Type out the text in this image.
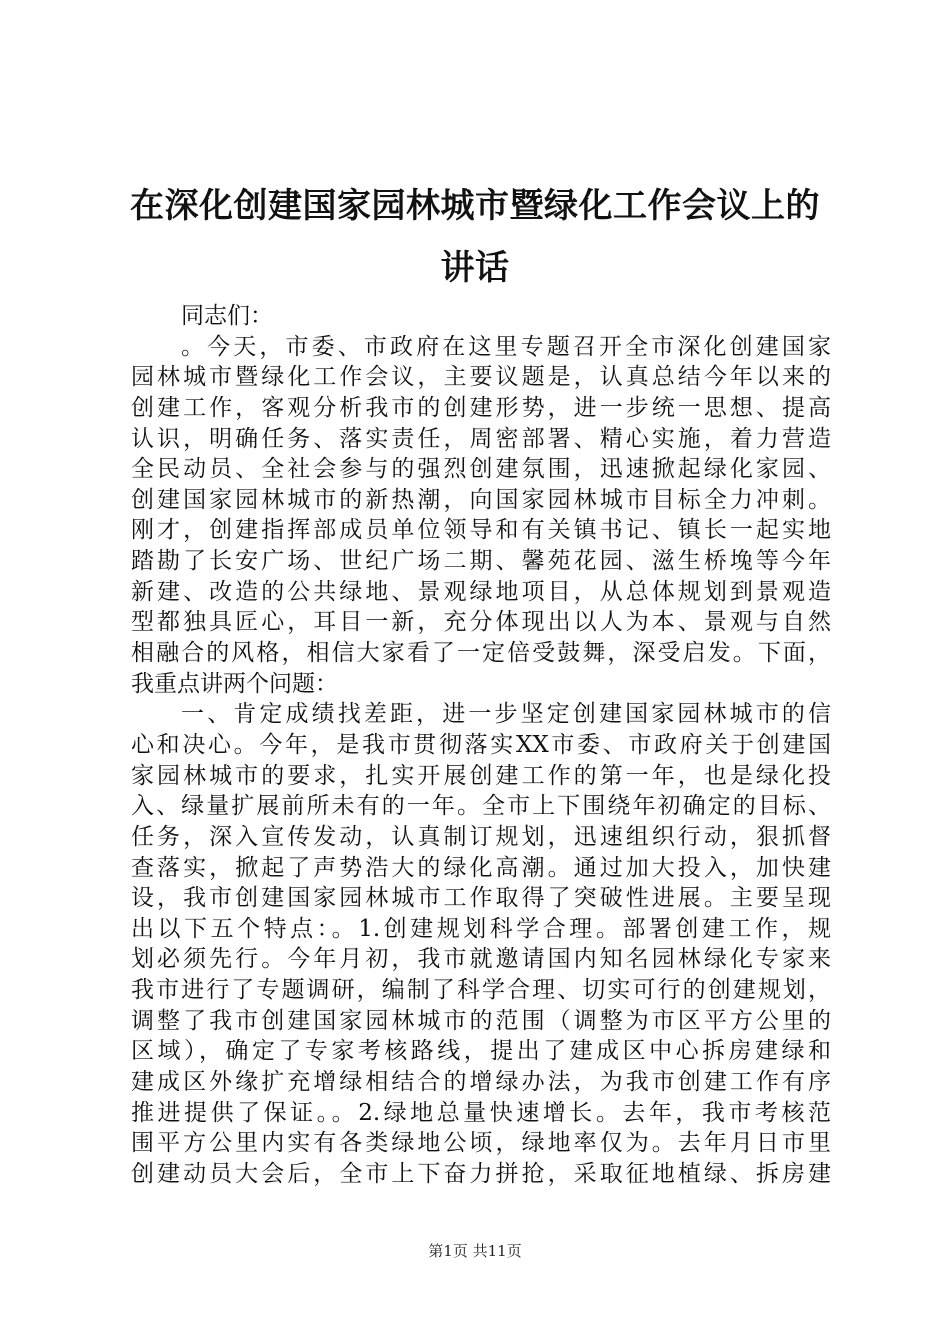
在深化创建国家园林城市暨绿化工作会议上的
讲话
同志们：
。今天，市委、市政府在这里专题召开全市深化创建国家
园林城市暨绿化工作会议，主要议题是，认真总结今年以来的
创建工作，客观分析我市的创建形势，进一步统一思想、提高
认识，明确任务、落实责任，周密部署、精心实施，着力营造
全民动员、全社会参与的强烈创建氛围，迅速掀起绿化家园、
创建国家园林城市的新热潮，向国家园林城市目标全力冲刺。
刚才，创建指挥部成员单位领导和有关镇书记、镇长一起实地
踏勘了长安广场、世纪广场二期、馨苑花园、滋生桥堍等今年
新建、改造的公共绿地、景观绿地项目，从总体规划到景观造
型都独具匠心，耳目一新，充分体现出以人为本、景观与自然
相融合的风格，相信大家看了一定倍受鼓舞，深受启发。下面，
我重点讲两个问题：
一、肯定成绩找差距，进一步坚定创建国家园林城市的信
心和决心。今年，是我市贯彻落实XX市委、市政府关于创建国
家园林城市的要求，扎实开展创建工作的第一年，也是绿化投
入、绿量扩展前所未有的一年。全市上下围绕年初确定的目标、
任务，深入宣传发动，认真制订规划，迅速组织行动，狠抓督
查落实，掀起了声势浩大的绿化高潮。通过加大投入，加快建
设，我市创建国家园林城市工作取得了突破性进展。主要呈现
出以下五个特点：。1.创建规划科学合理。部署创建工作，规
划必须先行。今年月初，我市就邀请国内知名园林绿化专家来
我市进行了专题调研，编制了科学合理、切实可行的创建规划，
调整了我市创建国家园林城市的范围（调整为市区平方公里的
区域），确定了专家考核路线，提出了建成区中心拆房建绿和
建成区外缘扩充增绿相结合的增绿办法，为我市创建工作有序
推进提供了保证。。2.绿地总量快速增长。去年，我市考核范
围平方公里内实有各类绿地公顷，绿地率仅为。去年月日市里
创建动员大会后，全市上下奋力拼抢，采取征地植绿、拆房建
第1页 共11页
